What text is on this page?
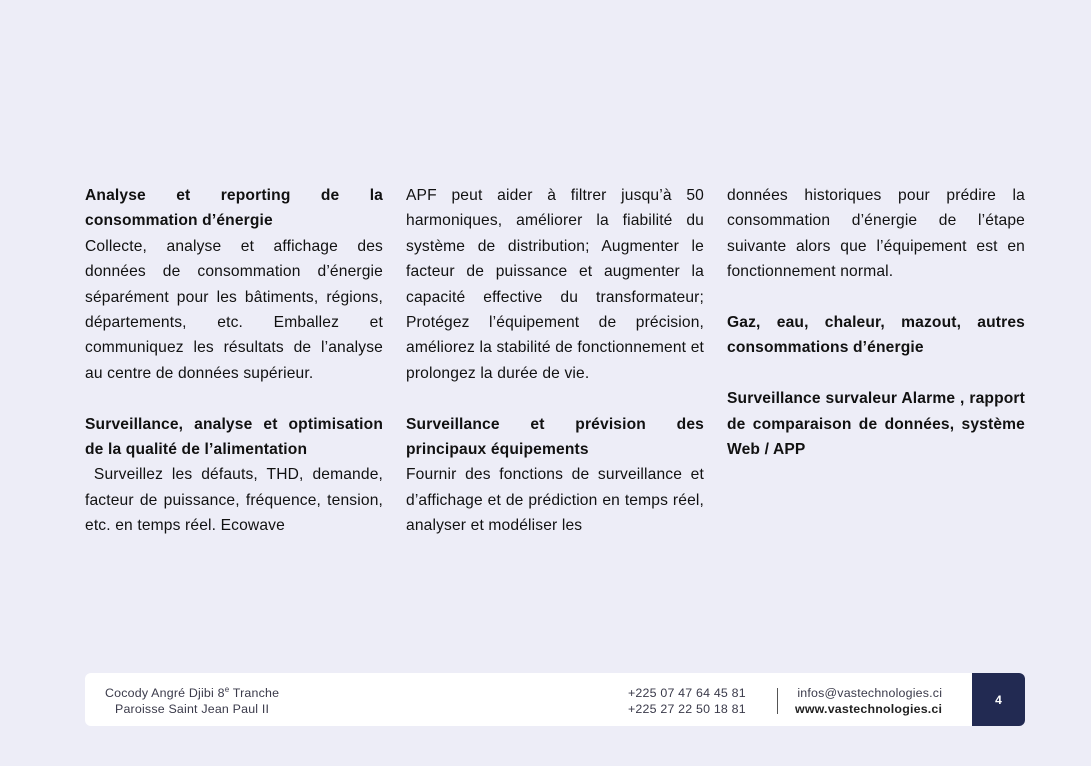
Analyse et reporting de la consommation d’énergie

Collecte, analyse et affichage des données de consommation d’énergie séparément pour les bâtiments, régions, départements, etc. Emballez et communiquez les résultats de l’analyse au centre de données supérieur.

Surveillance, analyse et optimisation de la qualité de l’alimentation

Surveillez les défauts, THD, demande, facteur de puissance, fréquence, tension, etc. en temps réel. Ecowave

APF peut aider à filtrer jusqu’à 50 harmoniques, améliorer la fiabilité du système de distribution; Augmenter le facteur de puissance et augmenter la capacité effective du transformateur; Protégez l’équipement de précision, améliorez la stabilité de fonctionnement et prolongez la durée de vie.

Surveillance et prévision des principaux équipements

Fournir des fonctions de surveillance et d’affichage et de prédiction en temps réel, analyser et modéliser les

données historiques pour prédire la consommation d’énergie de l’étape suivante alors que l’équipement est en fonctionnement normal.

Gaz, eau, chaleur, mazout, autres consommations d’énergie

Surveillance survaleur Alarme , rapport de comparaison de données, système Web / APP

Cocody Angré Djibi 8e Tranche
Paroisse Saint Jean Paul II
+225 07 47 64 45 81
+225 27 22 50 18 81
infos@vastechnologies.ci
www.vastechnologies.ci
4
